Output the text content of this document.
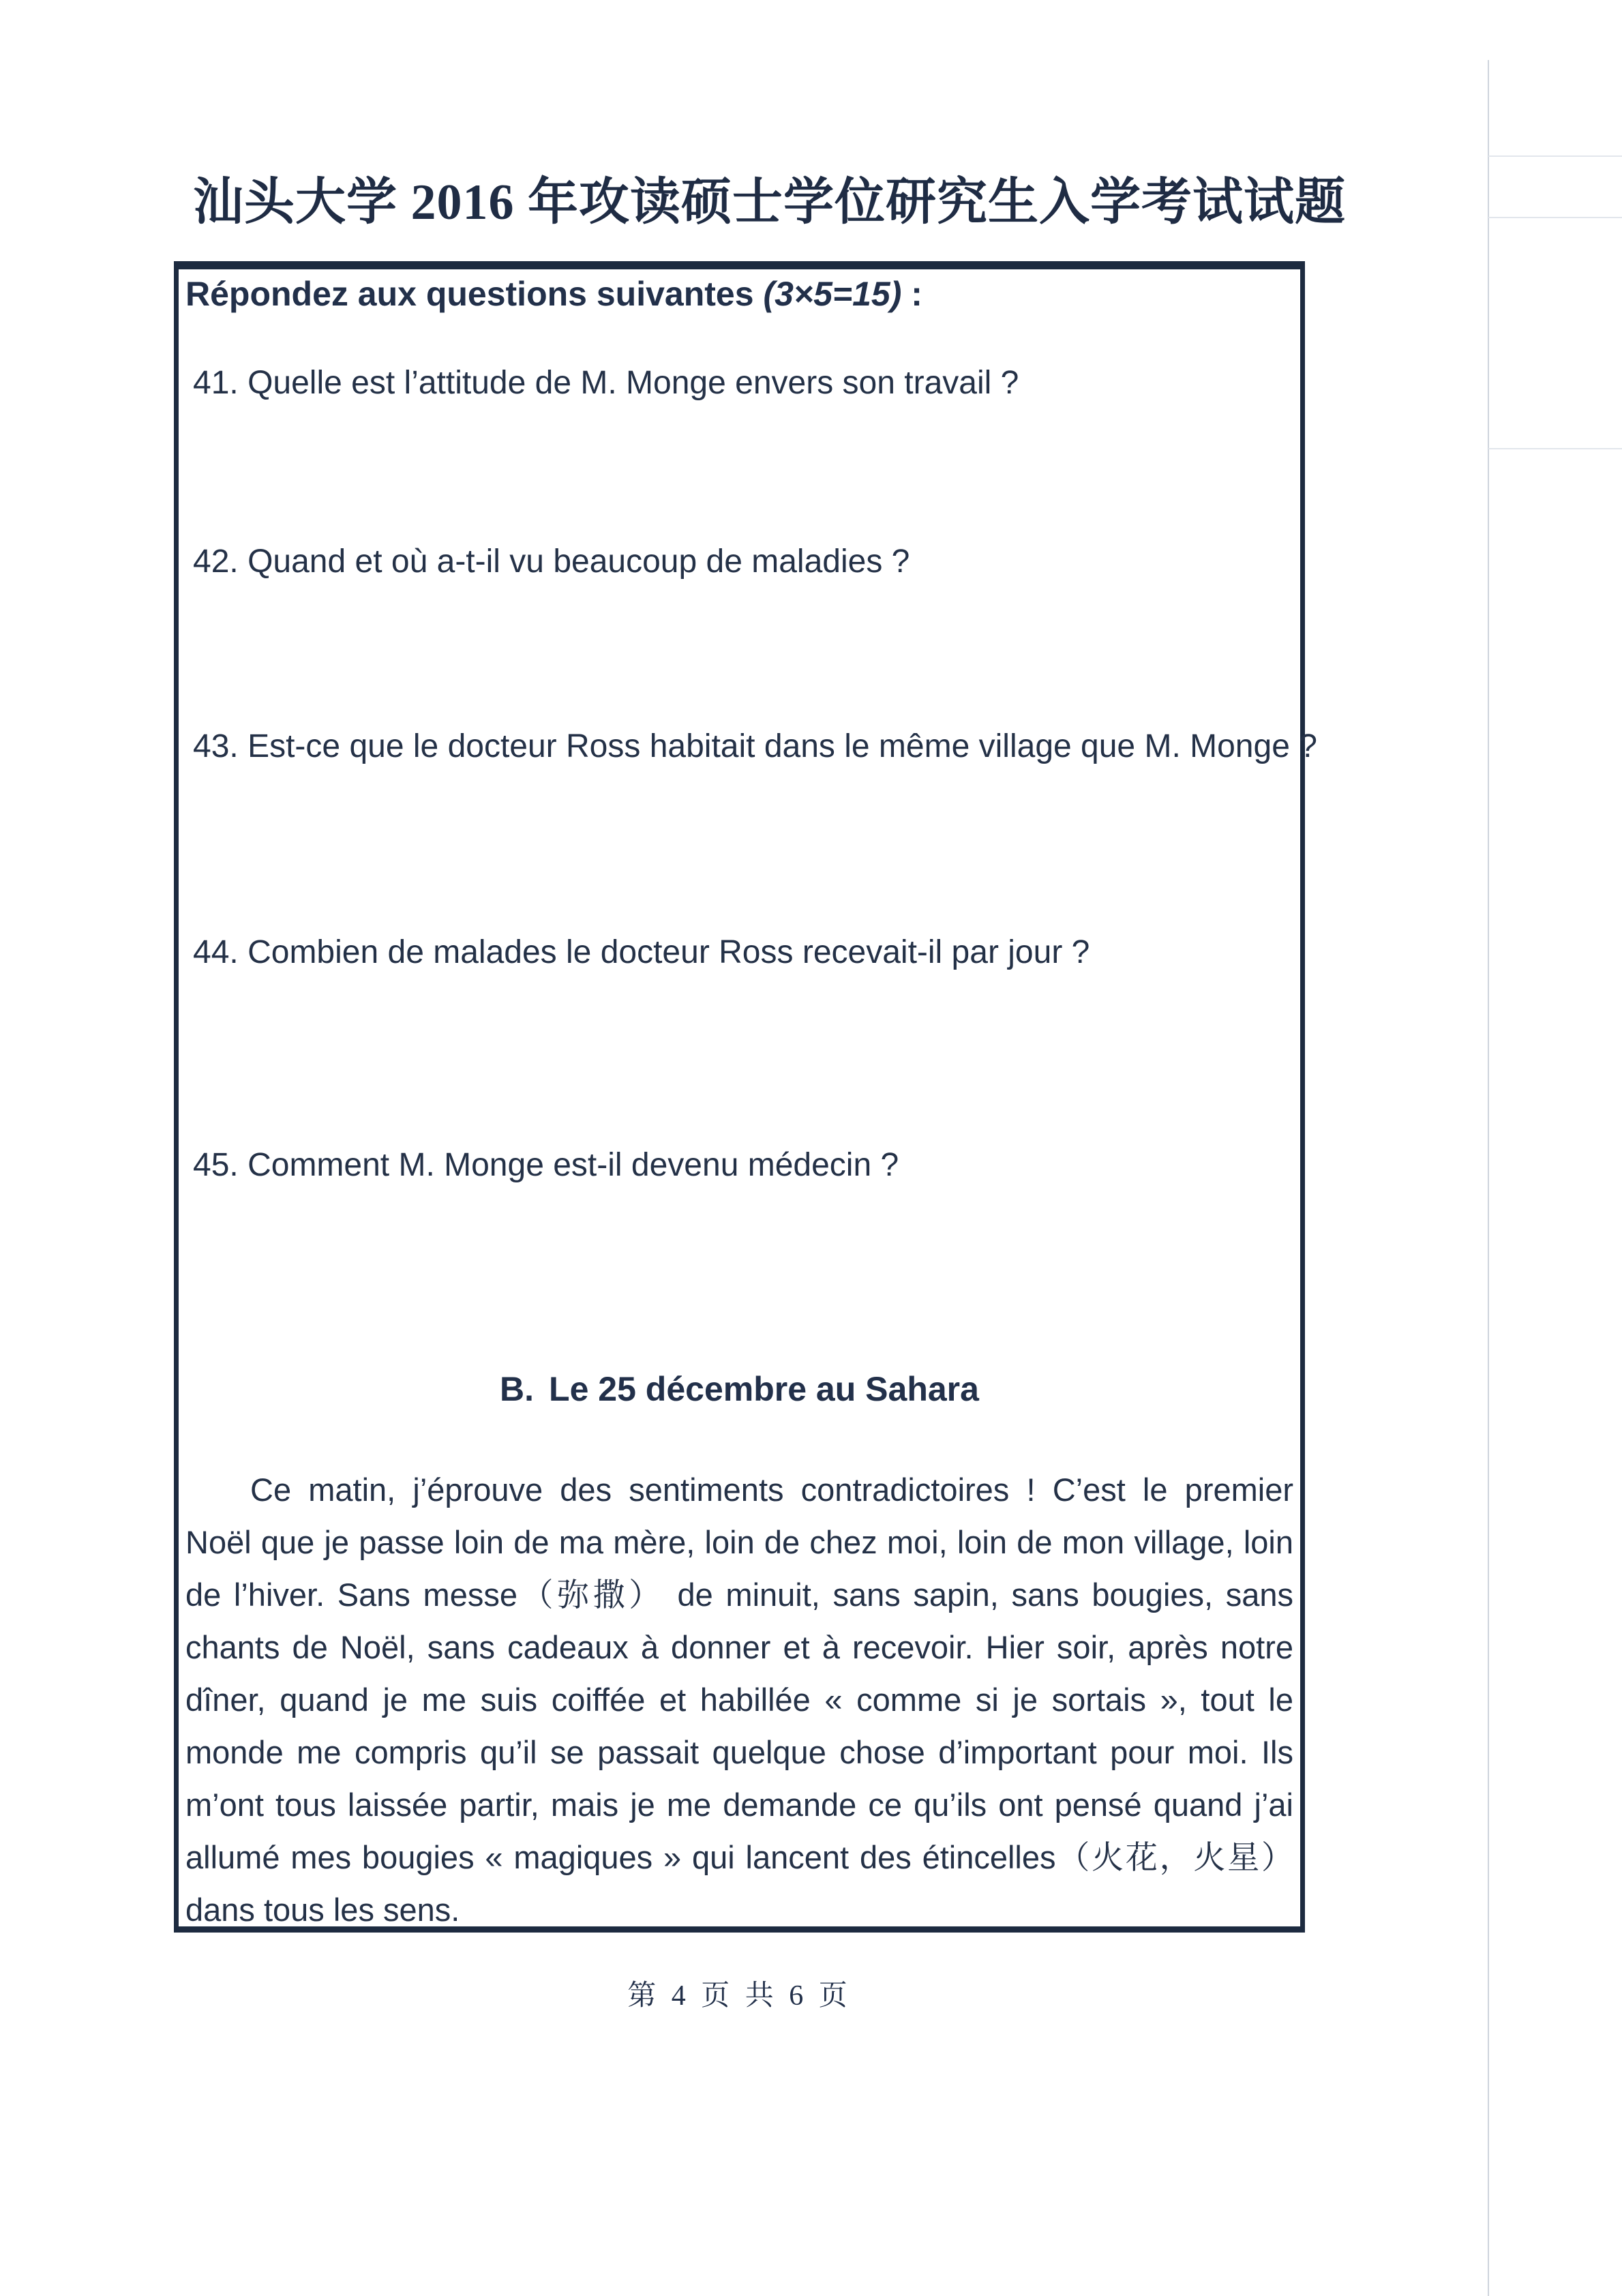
汕头大学 2016 年攻读硕士学位研究生入学考试试题
Répondez aux questions suivantes (3×5=15) :
41. Quelle est l’attitude de M. Monge envers son travail ?
42. Quand et où a-t-il vu beaucoup de maladies ?
43. Est-ce que le docteur Ross habitait dans le même village que M. Monge ?
44. Combien de malades le docteur Ross recevait-il par jour ?
45. Comment M. Monge est-il devenu médecin ?
B. Le 25 décembre au Sahara
Ce matin, j’éprouve des sentiments contradictoires ! C’est le premier Noël que je passe loin de ma mère, loin de chez moi, loin de mon village, loin de l’hiver. Sans messe（弥撒） de minuit, sans sapin, sans bougies, sans chants de Noël, sans cadeaux à donner et à recevoir. Hier soir, après notre dîner, quand je me suis coiffée et habillée « comme si je sortais », tout le monde me compris qu’il se passait quelque chose d’important pour moi. Ils m’ont tous laissée partir, mais je me demande ce qu’ils ont pensé quand j’ai allumé mes bougies « magiques » qui lancent des étincelles（火花，火星） dans tous les sens.
第 4 页 共 6 页
